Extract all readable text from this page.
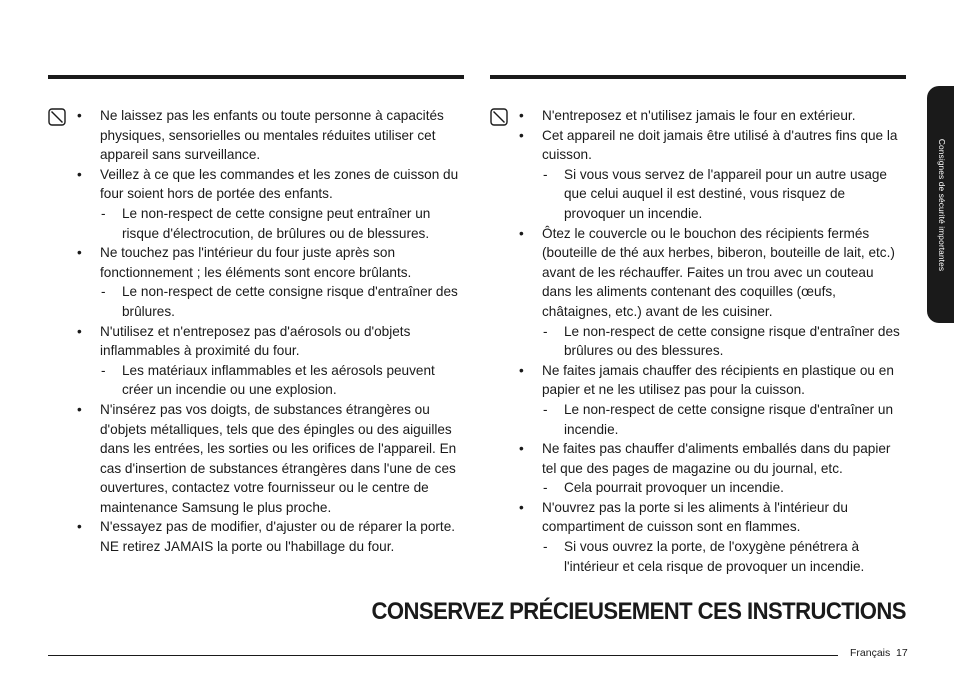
• Ne laissez pas les enfants ou toute personne à capacités physiques, sensorielles ou mentales réduites utiliser cet appareil sans surveillance.
• Veillez à ce que les commandes et les zones de cuisson du four soient hors de portée des enfants.
- Le non-respect de cette consigne peut entraîner un risque d'électrocution, de brûlures ou de blessures.
• Ne touchez pas l'intérieur du four juste après son fonctionnement ; les éléments sont encore brûlants.
- Le non-respect de cette consigne risque d'entraîner des brûlures.
• N'utilisez et n'entreposez pas d'aérosols ou d'objets inflammables à proximité du four.
- Les matériaux inflammables et les aérosols peuvent créer un incendie ou une explosion.
• N'insérez pas vos doigts, de substances étrangères ou d'objets métalliques, tels que des épingles ou des aiguilles dans les entrées, les sorties ou les orifices de l'appareil. En cas d'insertion de substances étrangères dans l'une de ces ouvertures, contactez votre fournisseur ou le centre de maintenance Samsung le plus proche.
• N'essayez pas de modifier, d'ajuster ou de réparer la porte. NE retirez JAMAIS la porte ou l'habillage du four.
• N'entreposez et n'utilisez jamais le four en extérieur.
• Cet appareil ne doit jamais être utilisé à d'autres fins que la cuisson.
- Si vous vous servez de l'appareil pour un autre usage que celui auquel il est destiné, vous risquez de provoquer un incendie.
• Ôtez le couvercle ou le bouchon des récipients fermés (bouteille de thé aux herbes, biberon, bouteille de lait, etc.) avant de les réchauffer. Faites un trou avec un couteau dans les aliments contenant des coquilles (œufs, châtaignes, etc.) avant de les cuisiner.
- Le non-respect de cette consigne risque d'entraîner des brûlures ou des blessures.
• Ne faites jamais chauffer des récipients en plastique ou en papier et ne les utilisez pas pour la cuisson.
- Le non-respect de cette consigne risque d'entraîner un incendie.
• Ne faites pas chauffer d'aliments emballés dans du papier tel que des pages de magazine ou du journal, etc.
- Cela pourrait provoquer un incendie.
• N'ouvrez pas la porte si les aliments à l'intérieur du compartiment de cuisson sont en flammes.
- Si vous ouvrez la porte, de l'oxygène pénétrera à l'intérieur et cela risque de provoquer un incendie.
Consignes de sécurité importantes
CONSERVEZ PRÉCIEUSEMENT CES INSTRUCTIONS
Français 17
